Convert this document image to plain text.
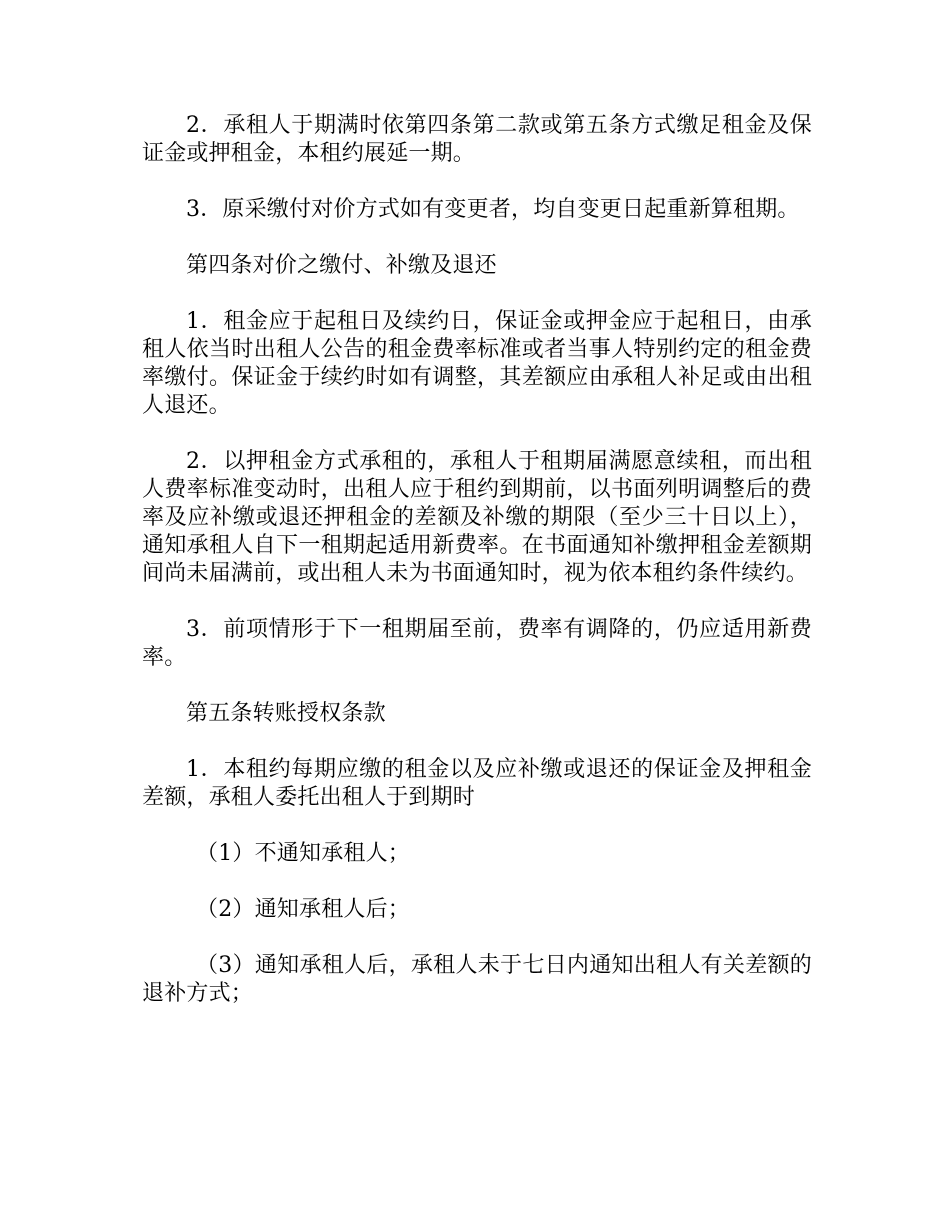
2．承租人于期满时依第四条第二款或第五条方式缴足租金及保证金或押租金，本租约展延一期。

3．原采缴付对价方式如有变更者，均自变更日起重新算租期。

第四条对价之缴付、补缴及退还

1．租金应于起租日及续约日，保证金或押金应于起租日，由承租人依当时出租人公告的租金费率标准或者当事人特别约定的租金费率缴付。保证金于续约时如有调整，其差额应由承租人补足或由出租人退还。

2．以押租金方式承租的，承租人于租期届满愿意续租，而出租人费率标准变动时，出租人应于租约到期前，以书面列明调整后的费率及应补缴或退还押租金的差额及补缴的期限（至少三十日以上），通知承租人自下一租期起适用新费率。在书面通知补缴押租金差额期间尚未届满前，或出租人未为书面通知时，视为依本租约条件续约。

3．前项情形于下一租期届至前，费率有调降的，仍应适用新费率。

第五条转账授权条款

1．本租约每期应缴的租金以及应补缴或退还的保证金及押租金差额，承租人委托出租人于到期时

（1）不通知承租人；

（2）通知承租人后；

（3）通知承租人后，承租人未于七日内通知出租人有关差额的退补方式；
